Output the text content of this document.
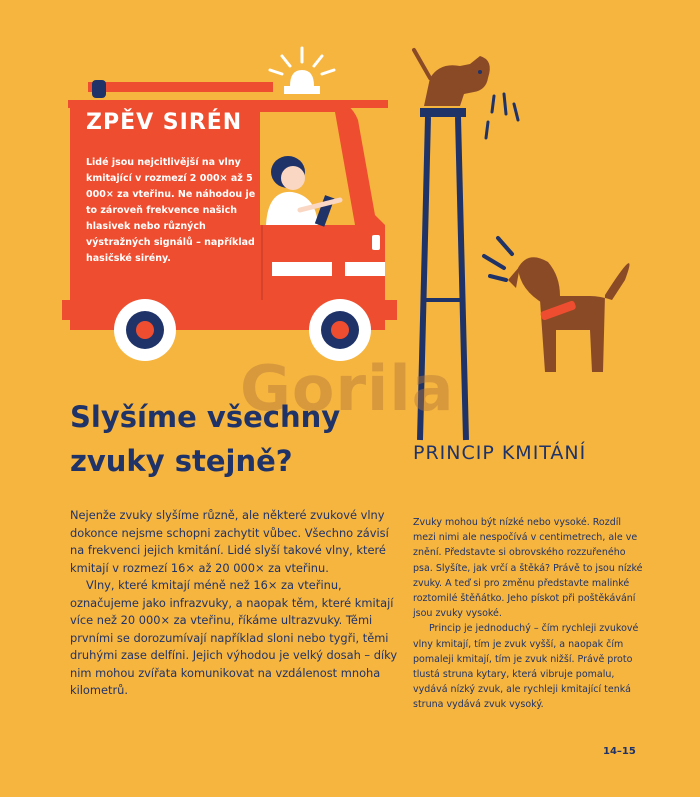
ZPĚV SIRÉN
Lidé jsou nejcitlivější na vlny kmitající v rozmezí 2 000× až 5 000× za vteřinu. Ne náhodou je to zároveň frekvence našich hlasivek nebo různých výstražných signálů – například hasičské sirény.
Gorila
Slyšíme všechny zvuky stejně?

Nejenže zvuky slyšíme různě, ale některé zvukové vlny dokonce nejsme schopni zachytit vůbec. Všechno závisí na frekvenci jejich kmitání. Lidé slyší takové vlny, které kmitají v rozmezí 16× až 20 000× za vteřinu.

Vlny, které kmitají méně než 16× za vteřinu, označujeme jako infrazvuky, a naopak těm, které kmitají více než 20 000× za vteřinu, říkáme ultrazvuky. Těmi prvními se dorozumívají například sloni nebo tygři, těmi druhými zase delfíni. Jejich výhodou je velký dosah – díky nim mohou zvířata komunikovat na vzdálenost mnoha kilometrů.

PRINCIP KMITÁNÍ

Zvuky mohou být nízké nebo vysoké. Rozdíl mezi nimi ale nespočívá v centimetrech, ale ve znění. Představte si obrovského rozzuřeného psa. Slyšíte, jak vrčí a štěká? Právě to jsou nízké zvuky. A teď si pro změnu představte malinké roztomilé štěňátko. Jeho pískot při poštěkávání jsou zvuky vysoké.

Princip je jednoduchý – čím rychleji zvukové vlny kmitají, tím je zvuk vyšší, a naopak čím pomaleji kmitají, tím je zvuk nižší. Právě proto tlustá struna kytary, která vibruje pomalu, vydává nízký zvuk, ale rychleji kmitající tenká struna vydává zvuk vysoký.

14–15
